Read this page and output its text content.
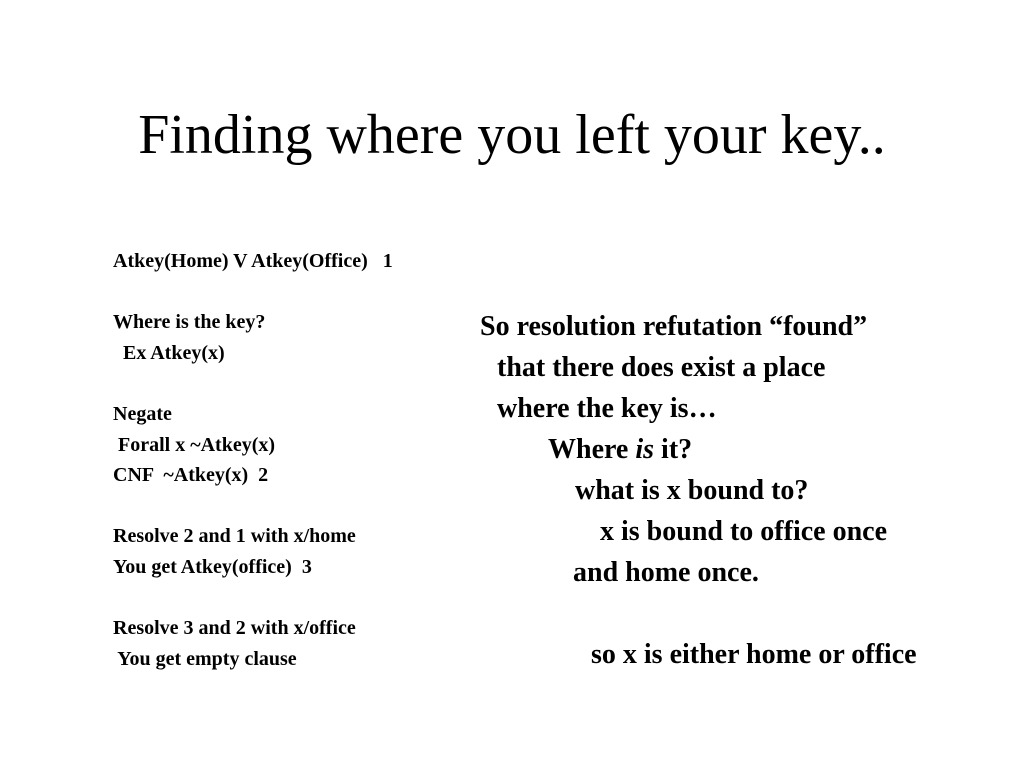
Finding where you left your key..
Atkey(Home) V Atkey(Office)   1
Where is the key?
Ex Atkey(x)
Negate
Forall x ~Atkey(x)
CNF  ~Atkey(x)  2
Resolve 2 and 1 with x/home
You get Atkey(office)  3
Resolve 3 and 2 with x/office
You get empty clause
So resolution refutation “found”
that there does exist a place
where the key is…
Where is it?
what is x bound to?
x is bound to office once
and home once.
so x is either home or office
